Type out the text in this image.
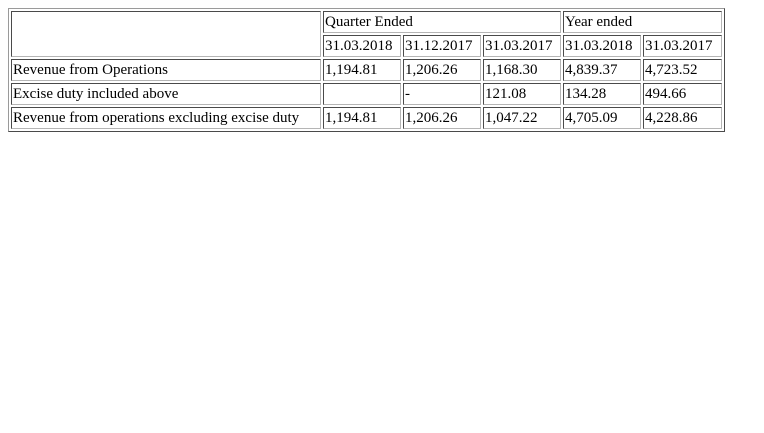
	Quarter Ended			Year ended	
	31.03.2018	31.12.2017	31.03.2017	31.03.2018	31.03.2017
Revenue from Operations	1,194.81	1,206.26	1,168.30	4,839.37	4,723.52
Excise duty included above		-	121.08	134.28	494.66
Revenue from operations excluding excise duty	1,194.81	1,206.26	1,047.22	4,705.09	4,228.86
